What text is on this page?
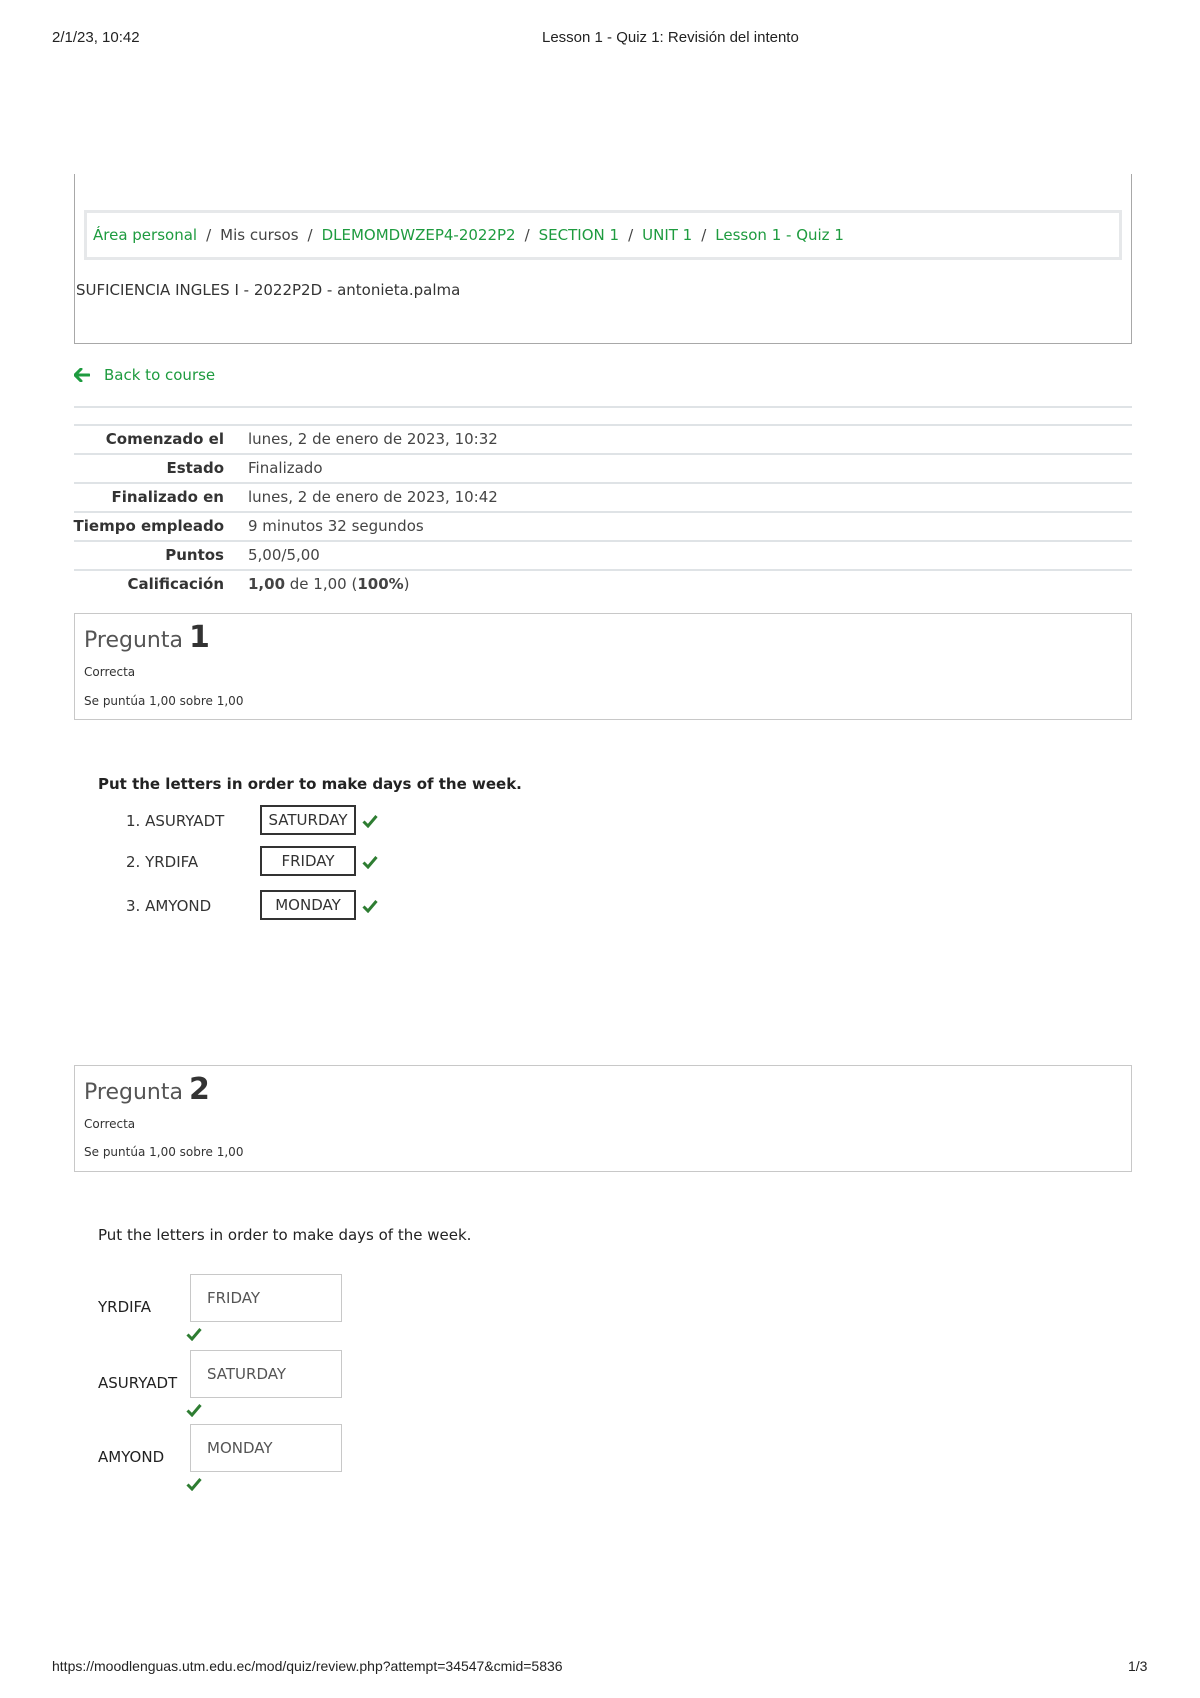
2/1/23, 10:42	Lesson 1 - Quiz 1: Revisión del intento
Área personal / Mis cursos / DLEMOMDWZEP4-2022P2 / SECTION 1 / UNIT 1 / Lesson 1 - Quiz 1
SUFICIENCIA INGLES I - 2022P2D - antonieta.palma
Back to course
Comenzado el lunes, 2 de enero de 2023, 10:32
Estado Finalizado
Finalizado en lunes, 2 de enero de 2023, 10:42
Tiempo empleado 9 minutos 32 segundos
Puntos 5,00/5,00
Calificación 1,00 de 1,00 (100%)
Pregunta 1
Correcta
Se puntúa 1,00 sobre 1,00
Put the letters in order to make days of the week.
1. ASURYADT	SATURDAY
2. YRDIFA	FRIDAY
3. AMYOND	MONDAY
Pregunta 2
Correcta
Se puntúa 1,00 sobre 1,00
Put the letters in order to make days of the week.
YRDIFA	FRIDAY
ASURYADT	SATURDAY
AMYOND	MONDAY
https://moodlenguas.utm.edu.ec/mod/quiz/review.php?attempt=34547&cmid=5836	1/3
